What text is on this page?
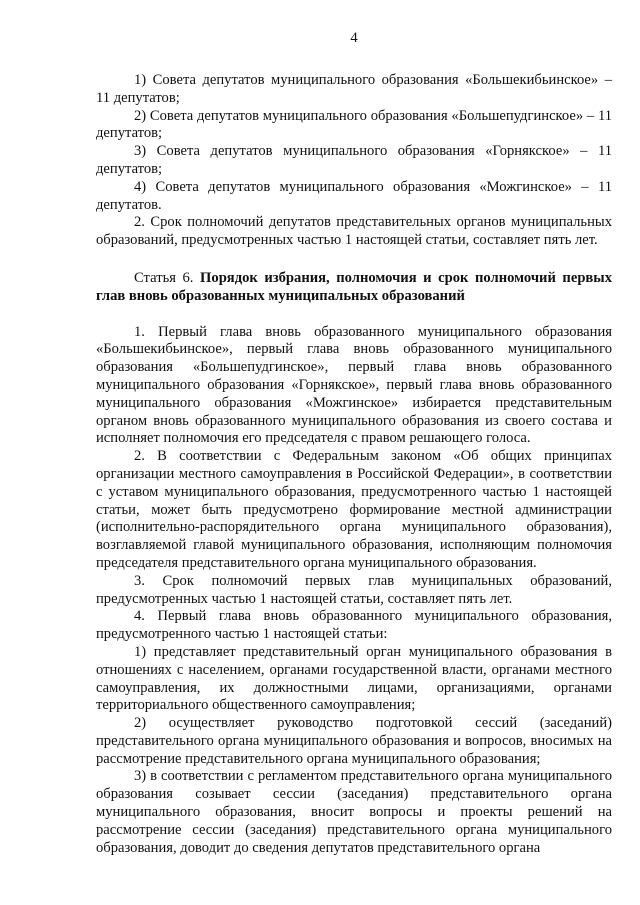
4

1) Совета депутатов муниципального образования «Большекибьинское» – 11 депутатов;

2) Совета депутатов муниципального образования «Большепудгинское» – 11 депутатов;

3) Совета депутатов муниципального образования «Горнякское» – 11 депутатов;

4) Совета депутатов муниципального образования «Можгинское» – 11 депутатов.

2. Срок полномочий депутатов представительных органов муниципальных образований, предусмотренных частью 1 настоящей статьи, составляет пять лет.

Статья 6. Порядок избрания, полномочия и срок полномочий первых глав вновь образованных муниципальных образований

1. Первый глава вновь образованного муниципального образования «Большекибьинское», первый глава вновь образованного муниципального образования «Большепудгинское», первый глава вновь образованного муниципального образования «Горнякское», первый глава вновь образованного муниципального образования «Можгинское» избирается представительным органом вновь образованного муниципального образования из своего состава и исполняет полномочия его председателя с правом решающего голоса.

2. В соответствии с Федеральным законом «Об общих принципах организации местного самоуправления в Российской Федерации», в соответствии с уставом муниципального образования, предусмотренного частью 1 настоящей статьи, может быть предусмотрено формирование местной администрации (исполнительно-распорядительного органа муниципального образования), возглавляемой главой муниципального образования, исполняющим полномочия председателя представительного органа муниципального образования.

3. Срок полномочий первых глав муниципальных образований, предусмотренных частью 1 настоящей статьи, составляет пять лет.

4. Первый глава вновь образованного муниципального образования, предусмотренного частью 1 настоящей статьи:

1) представляет представительный орган муниципального образования в отношениях с населением, органами государственной власти, органами местного самоуправления, их должностными лицами, организациями, органами территориального общественного самоуправления;

2) осуществляет руководство подготовкой сессий (заседаний) представительного органа муниципального образования и вопросов, вносимых на рассмотрение представительного органа муниципального образования;

3) в соответствии с регламентом представительного органа муниципального образования созывает сессии (заседания) представительного органа муниципального образования, вносит вопросы и проекты решений на рассмотрение сессии (заседания) представительного органа муниципального образования, доводит до сведения депутатов представительного органа
